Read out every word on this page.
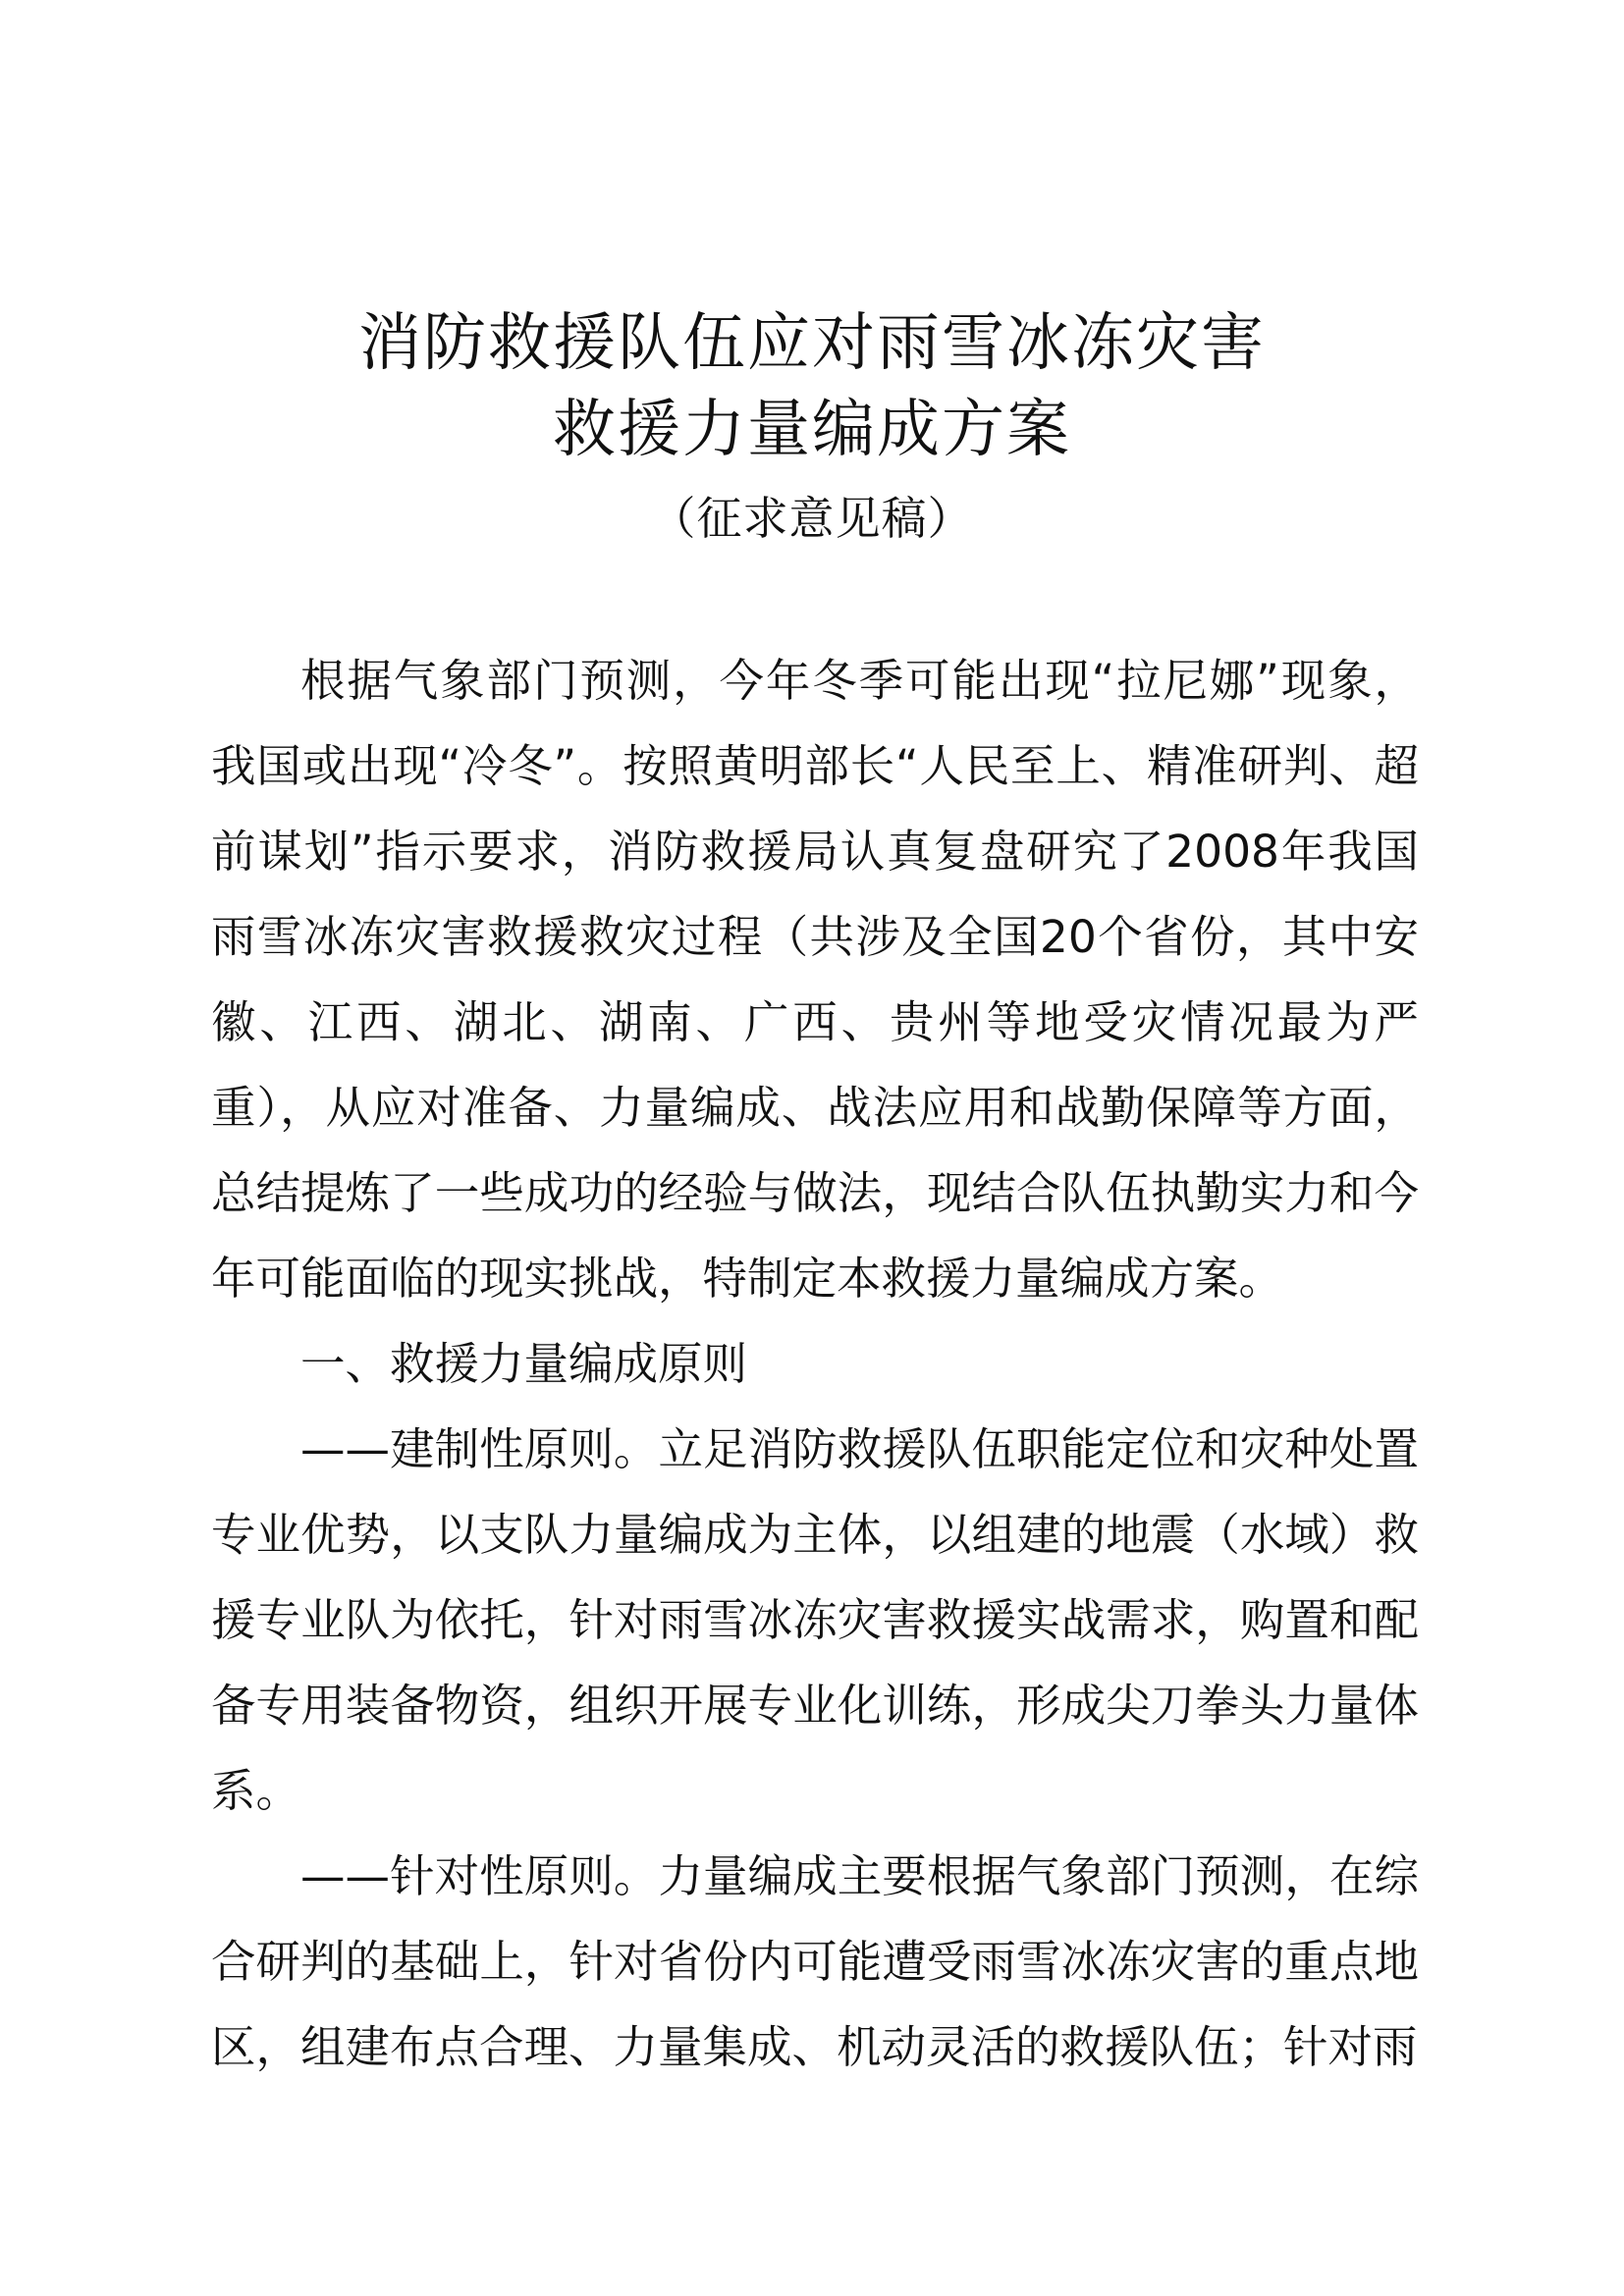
消防救援队伍应对雨雪冰冻灾害
救援力量编成方案
（征求意见稿）

根据气象部门预测，今年冬季可能出现“拉尼娜”现象，我国或出现“冷冬”。按照黄明部长“人民至上、精准研判、超前谋划”指示要求，消防救援局认真复盘研究了2008年我国雨雪冰冻灾害救援救灾过程（共涉及全国20个省份，其中安徽、江西、湖北、湖南、广西、贵州等地受灾情况最为严重），从应对准备、力量编成、战法应用和战勤保障等方面，总结提炼了一些成功的经验与做法，现结合队伍执勤实力和今年可能面临的现实挑战，特制定本救援力量编成方案。

一、救援力量编成原则

——建制性原则。立足消防救援队伍职能定位和灾种处置专业优势，以支队力量编成为主体，以组建的地震（水域）救援专业队为依托，针对雨雪冰冻灾害救援实战需求，购置和配备专用装备物资，组织开展专业化训练，形成尖刀拳头力量体系。

——针对性原则。力量编成主要根据气象部门预测，在综合研判的基础上，针对省份内可能遭受雨雪冰冻灾害的重点地区，组建布点合理、力量集成、机动灵活的救援队伍；针对雨
